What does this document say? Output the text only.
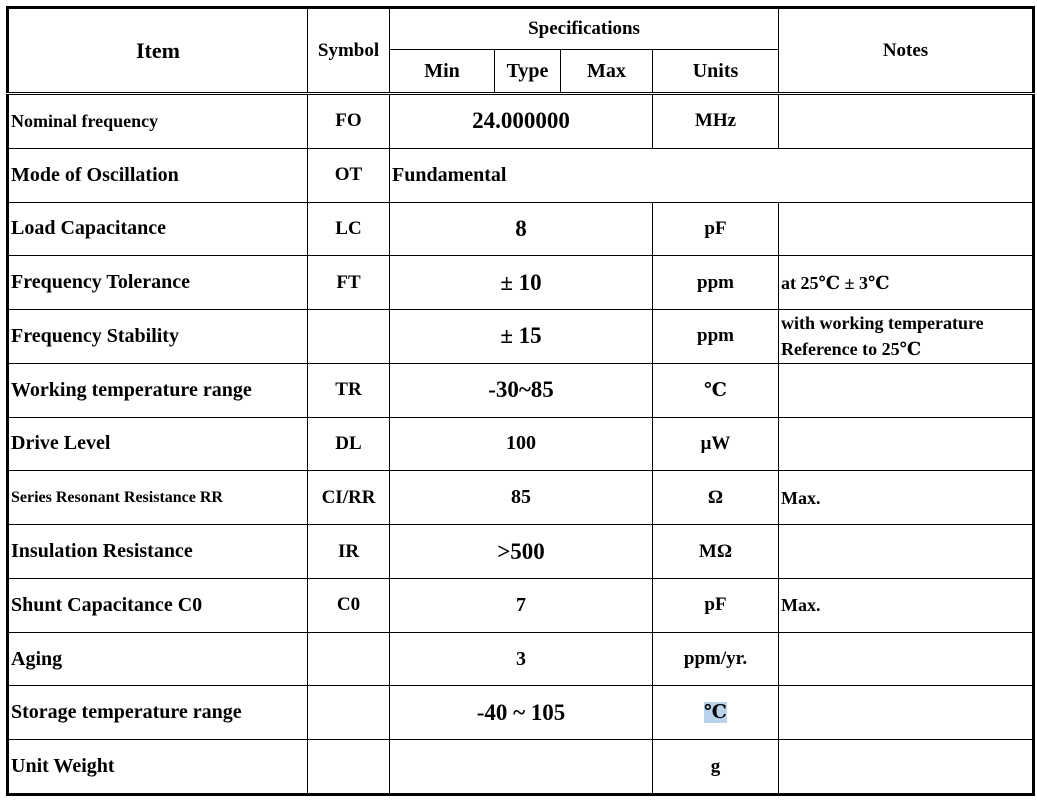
Item	Symbol	Specifications				Notes
		Min	Type	Max	Units	
Nominal frequency	FO	24.000000			MHz	
Mode of Oscillation	OT	Fundamental				
Load Capacitance	LC	8			pF	
Frequency Tolerance	FT	± 10			ppm	at 25℃ ± 3℃
Frequency Stability		± 15			ppm	with working temperature
Reference to 25℃

Working temperature range	TR	-30~85			℃	
Drive Level	DL	100			μW	
Series Resonant Resistance RR	CI/RR	85			Ω	Max.
Insulation Resistance	IR	>500			MΩ	
Shunt Capacitance C0	C0	7			pF	Max.
Aging		3			ppm/yr.	
Storage temperature range		-40 ~ 105			℃	
Unit Weight					g	
